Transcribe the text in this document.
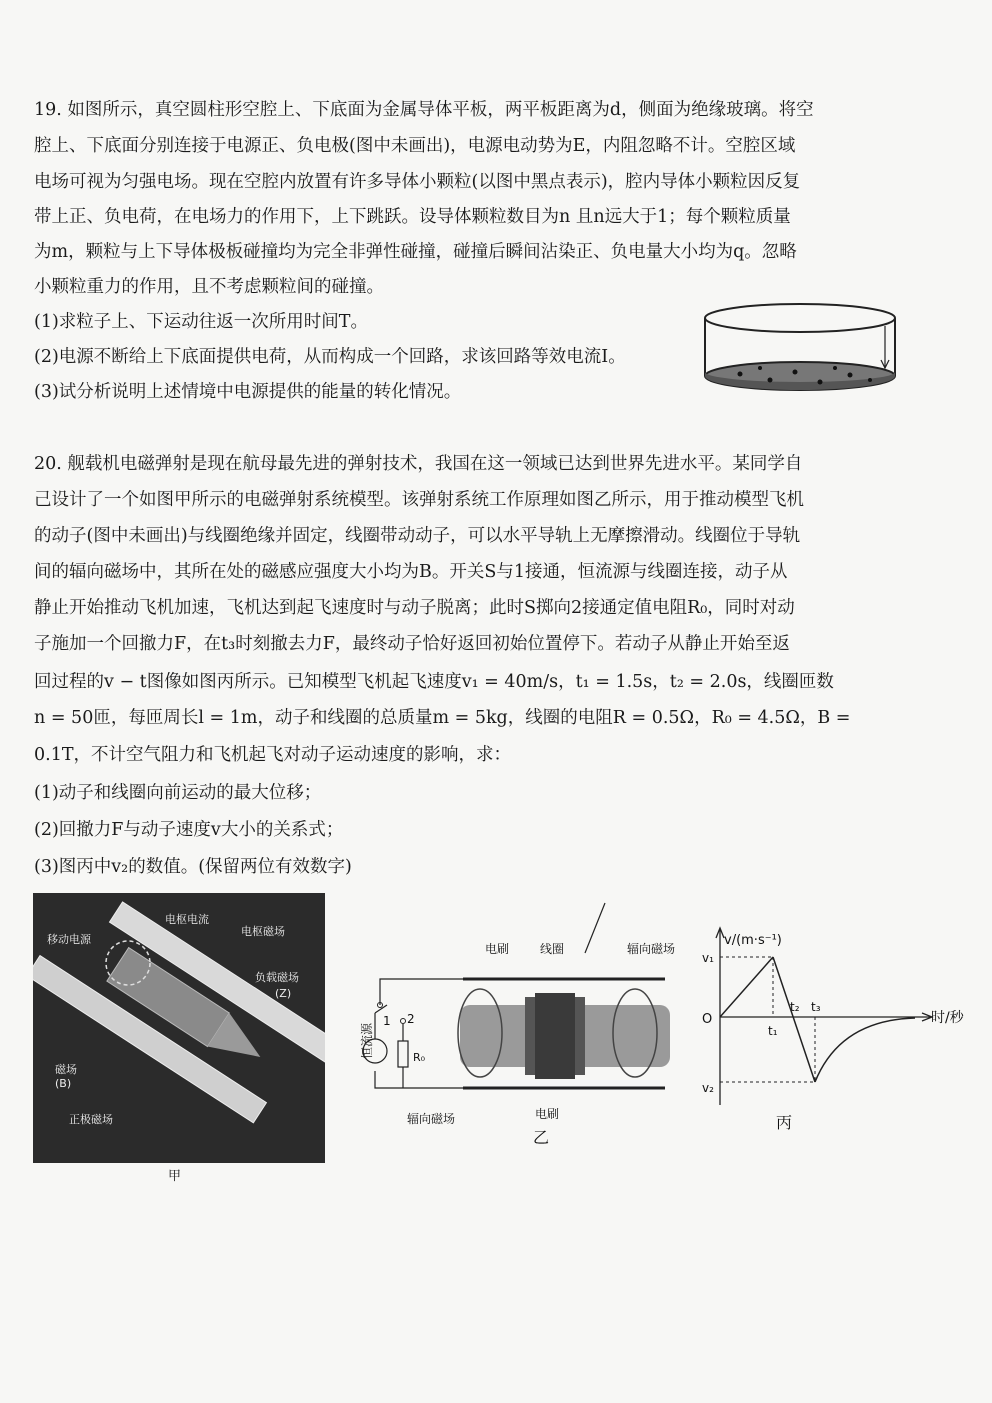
19. 如图所示，真空圆柱形空腔上、下底面为金属导体平板，两平板距离为d，侧面为绝缘玻璃。将空
腔上、下底面分别连接于电源正、负电极(图中未画出)，电源电动势为E，内阻忽略不计。空腔区域
电场可视为匀强电场。现在空腔内放置有许多导体小颗粒(以图中黑点表示)，腔内导体小颗粒因反复
带上正、负电荷，在电场力的作用下，上下跳跃。设导体颗粒数目为n 且n远大于1；每个颗粒质量
为m，颗粒与上下导体极板碰撞均为完全非弹性碰撞，碰撞后瞬间沾染正、负电量大小均为q。忽略
小颗粒重力的作用，且不考虑颗粒间的碰撞。
(1)求粒子上、下运动往返一次所用时间T。
(2)电源不断给上下底面提供电荷，从而构成一个回路，求该回路等效电流I。
(3)试分析说明上述情境中电源提供的能量的转化情况。
20. 舰载机电磁弹射是现在航母最先进的弹射技术，我国在这一领域已达到世界先进水平。某同学自
己设计了一个如图甲所示的电磁弹射系统模型。该弹射系统工作原理如图乙所示，用于推动模型飞机
的动子(图中未画出)与线圈绝缘并固定，线圈带动动子，可以水平导轨上无摩擦滑动。线圈位于导轨
间的辐向磁场中，其所在处的磁感应强度大小均为B。开关S与1接通，恒流源与线圈连接，动子从
静止开始推动飞机加速，飞机达到起飞速度时与动子脱离；此时S掷向2接通定值电阻R₀，同时对动
子施加一个回撤力F，在t₃时刻撤去力F，最终动子恰好返回初始位置停下。若动子从静止开始至返
回过程的v − t图像如图丙所示。已知模型飞机起飞速度v₁ = 40m/s，t₁ = 1.5s，t₂ = 2.0s，线圈匝数
n = 50匝，每匝周长l = 1m，动子和线圈的总质量m = 5kg，线圈的电阻R = 0.5Ω，R₀ = 4.5Ω，B =
0.1T，不计空气阻力和飞机起飞对动子运动速度的影响，求：
(1)动子和线圈向前运动的最大位移；
(2)回撤力F与动子速度v大小的关系式；
(3)图丙中v₂的数值。(保留两位有效数字)
移动电源
电枢电流
电枢磁场
负载磁场
(Z)
磁场
(B)
正极磁场
甲
电刷	线圈	辐向磁场
恒流源
1 2
R₀
辐向磁场	电刷
乙
v/(m·s⁻¹)
时/秒
v₁
O
t₁
t₂ t₃
v₂
丙
